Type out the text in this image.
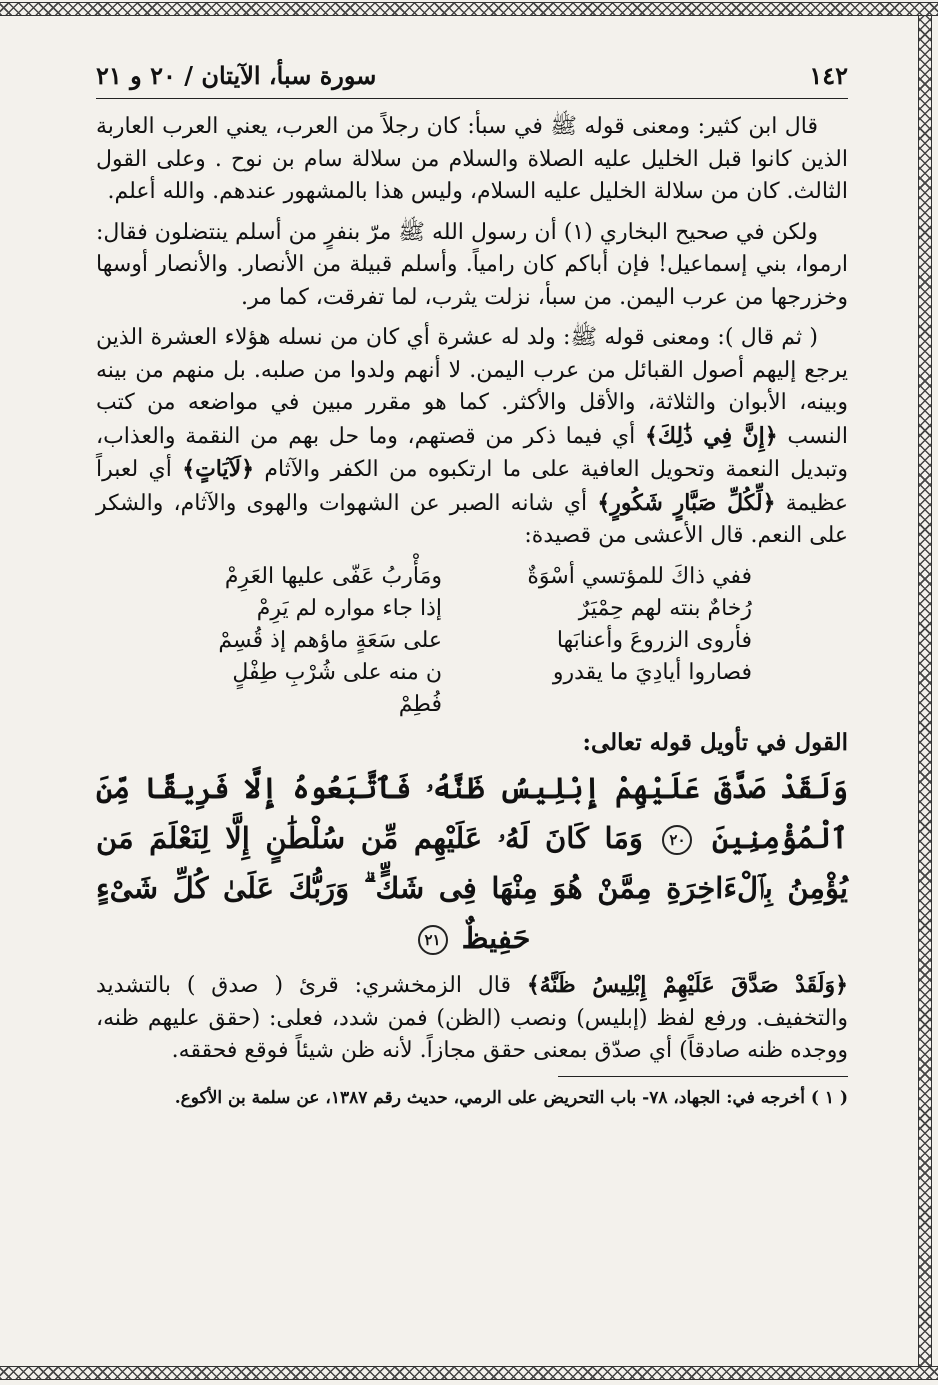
١٤٢
سورة سبأ، الآيتان / ٢٠ و ٢١

قال ابن كثير: ومعنى قوله ﷺ في سبأ: كان رجلاً من العرب، يعني العرب العاربة الذين كانوا قبل الخليل عليه الصلاة والسلام من سلالة سام بن نوح . وعلى القول الثالث. كان من سلالة الخليل عليه السلام، وليس هذا بالمشهور عندهم. والله أعلم.

ولكن في صحيح البخاري (١) أن رسول الله ﷺ مرّ بنفرٍ من أسلم ينتضلون فقال: ارموا، بني إسماعيل! فإن أباكم كان رامياً. وأسلم قبيلة من الأنصار. والأنصار أوسها وخزرجها من عرب اليمن. من سبأ، نزلت يثرب، لما تفرقت، كما مر.

( ثم قال ): ومعنى قوله ﷺ: ولد له عشرة أي كان من نسله هؤلاء العشرة الذين يرجع إليهم أصول القبائل من عرب اليمن. لا أنهم ولدوا من صلبه. بل منهم من بينه وبينه، الأبوان والثلاثة، والأقل والأكثر. كما هو مقرر مبين في مواضعه من كتب النسب ﴿إِنَّ فِي ذَٰلِكَ﴾ أي فيما ذكر من قصتهم، وما حل بهم من النقمة والعذاب، وتبديل النعمة وتحويل العافية على ما ارتكبوه من الكفر والآثام ﴿لَآيَاتٍ﴾ أي لعبراً عظيمة ﴿لِّكُلِّ صَبَّارٍ شَكُورٍ﴾ أي شانه الصبر عن الشهوات والهوى والآثام، والشكر على النعم. قال الأعشى من قصيدة:

ففي ذاكَ للمؤتسي أسْوَةٌ
ومَأْربُ عَفّى عليها العَرِمْ
رُخامٌ بنته لهم حِمْيَرٌ
إذا جاء مواره لم يَرِمْ
فأروى الزروعَ وأعنابَها
على سَعَةٍ ماؤهم إذ قُسِمْ
فصاروا أيادِيَ ما يقدرو
ن منه على شُرْبِ طِفْلٍ فُطِمْ
القول في تأويل قوله تعالى:
وَلَقَدْ صَدَّقَ عَلَيْهِمْ إِبْلِيسُ ظَنَّهُۥ فَٱتَّبَعُوهُ إِلَّا فَرِيقًا مِّنَ ٱلْمُؤْمِنِينَ ٢٠ وَمَا كَانَ لَهُۥ عَلَيْهِم مِّن سُلْطَٰنٍ إِلَّا لِنَعْلَمَ مَن يُؤْمِنُ بِٱلْءَاخِرَةِ مِمَّنْ هُوَ مِنْهَا فِى شَكٍّ ۗ وَرَبُّكَ عَلَىٰ كُلِّ شَىْءٍ حَفِيظٌ ٢١

﴿وَلَقَدْ صَدَّقَ عَلَيْهِمْ إِبْلِيسُ ظَنَّهُ﴾ قال الزمخشري: قرئ ( صدق ) بالتشديد والتخفيف. ورفع لفظ (إبليس) ونصب (الظن) فمن شدد، فعلى: (حقق عليهم ظنه، ووجده ظنه صادقاً) أي صدّق بمعنى حقق مجازاً. لأنه ظن شيئاً فوقع فحققه.

( ١ ) أخرجه في: الجهاد، ٧٨- باب التحريض على الرمي، حديث رقم ١٣٨٧، عن سلمة بن الأكوع.
